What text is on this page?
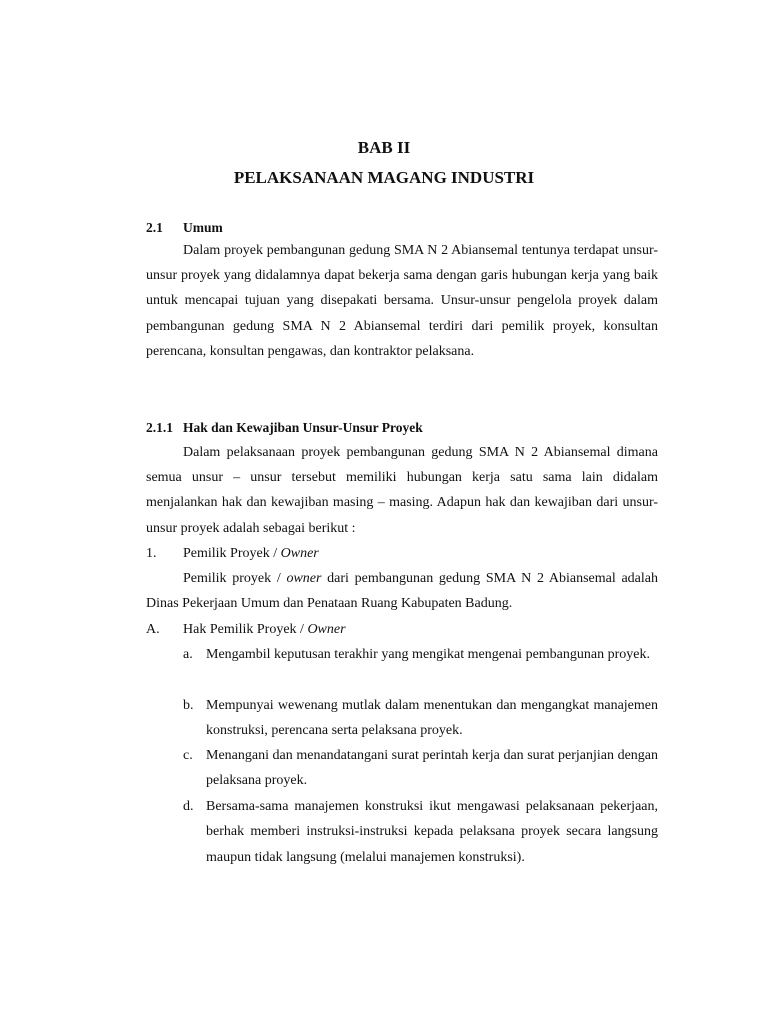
BAB II
PELAKSANAAN MAGANG INDUSTRI
2.1 Umum

Dalam proyek pembangunan gedung SMA N 2 Abiansemal tentunya terdapat unsur-unsur proyek yang didalamnya dapat bekerja sama dengan garis hubungan kerja yang baik untuk mencapai tujuan yang disepakati bersama. Unsur-unsur pengelola proyek dalam pembangunan gedung SMA N 2 Abiansemal terdiri dari pemilik proyek, konsultan perencana, konsultan pengawas, dan kontraktor pelaksana.

2.1.1 Hak dan Kewajiban Unsur-Unsur Proyek

Dalam pelaksanaan proyek pembangunan gedung SMA N 2 Abiansemal dimana semua unsur – unsur tersebut memiliki hubungan kerja satu sama lain didalam menjalankan hak dan kewajiban masing – masing. Adapun hak dan kewajiban dari unsur-unsur proyek adalah sebagai berikut :

1. Pemilik Proyek / Owner

Pemilik proyek / owner dari pembangunan gedung SMA N 2 Abiansemal adalah Dinas Pekerjaan Umum dan Penataan Ruang Kabupaten Badung.

A. Hak Pemilik Proyek / Owner

a. Mengambil keputusan terakhir yang mengikat mengenai pembangunan proyek.
b. Mempunyai wewenang mutlak dalam menentukan dan mengangkat manajemen konstruksi, perencana serta pelaksana proyek.
c. Menangani dan menandatangani surat perintah kerja dan surat perjanjian dengan pelaksana proyek.
d. Bersama-sama manajemen konstruksi ikut mengawasi pelaksanaan pekerjaan, berhak memberi instruksi-instruksi kepada pelaksana proyek secara langsung maupun tidak langsung (melalui manajemen konstruksi).
